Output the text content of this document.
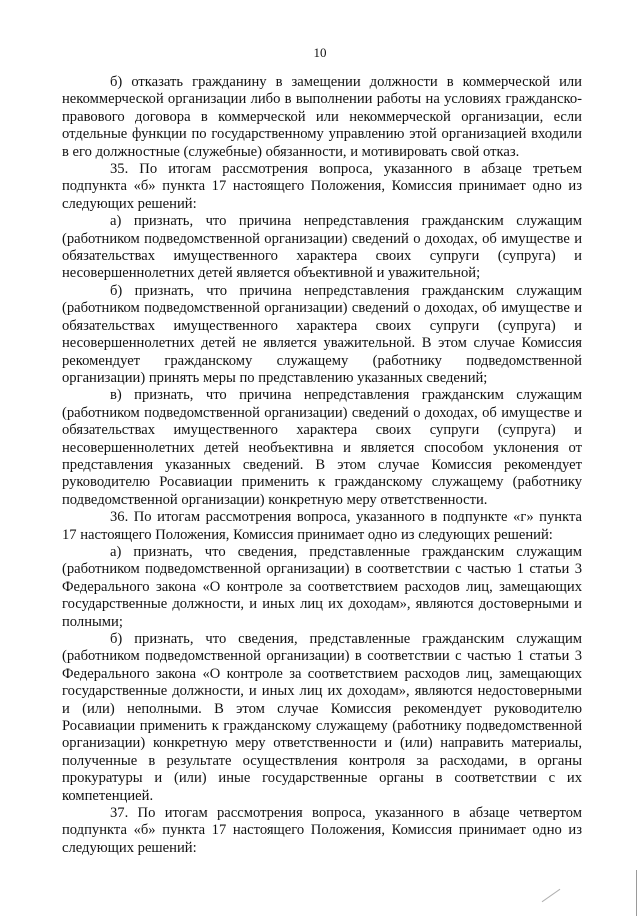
10

б) отказать гражданину в замещении должности в коммерческой или некоммерческой организации либо в выполнении работы на условиях гражданско-правового договора в коммерческой или некоммерческой организации, если отдельные функции по государственному управлению этой организацией входили в его должностные (служебные) обязанности, и мотивировать свой отказ.

35. По итогам рассмотрения вопроса, указанного в абзаце третьем подпункта «б» пункта 17 настоящего Положения, Комиссия принимает одно из следующих решений:

а) признать, что причина непредставления гражданским служащим (работником подведомственной организации) сведений о доходах, об имуществе и обязательствах имущественного характера своих супруги (супруга) и несовершеннолетних детей является объективной и уважительной;

б) признать, что причина непредставления гражданским служащим (работником подведомственной организации) сведений о доходах, об имуществе и обязательствах имущественного характера своих супруги (супруга) и несовершеннолетних детей не является уважительной. В этом случае Комиссия рекомендует гражданскому служащему (работнику подведомственной организации) принять меры по представлению указанных сведений;

в) признать, что причина непредставления гражданским служащим (работником подведомственной организации) сведений о доходах, об имуществе и обязательствах имущественного характера своих супруги (супруга) и несовершеннолетних детей необъективна и является способом уклонения от представления указанных сведений. В этом случае Комиссия рекомендует руководителю Росавиации применить к гражданскому служащему (работнику подведомственной организации) конкретную меру ответственности.

36. По итогам рассмотрения вопроса, указанного в подпункте «г» пункта 17 настоящего Положения, Комиссия принимает одно из следующих решений:

а) признать, что сведения, представленные гражданским служащим (работником подведомственной организации) в соответствии с частью 1 статьи 3 Федерального закона «О контроле за соответствием расходов лиц, замещающих государственные должности, и иных лиц их доходам», являются достоверными и полными;

б) признать, что сведения, представленные гражданским служащим (работником подведомственной организации) в соответствии с частью 1 статьи 3 Федерального закона «О контроле за соответствием расходов лиц, замещающих государственные должности, и иных лиц их доходам», являются недостоверными и (или) неполными. В этом случае Комиссия рекомендует руководителю Росавиации применить к гражданскому служащему (работнику подведомственной организации) конкретную меру ответственности и (или) направить материалы, полученные в результате осуществления контроля за расходами, в органы прокуратуры и (или) иные государственные органы в соответствии с их компетенцией.

37. По итогам рассмотрения вопроса, указанного в абзаце четвертом подпункта «б» пункта 17 настоящего Положения, Комиссия принимает одно из следующих решений:
